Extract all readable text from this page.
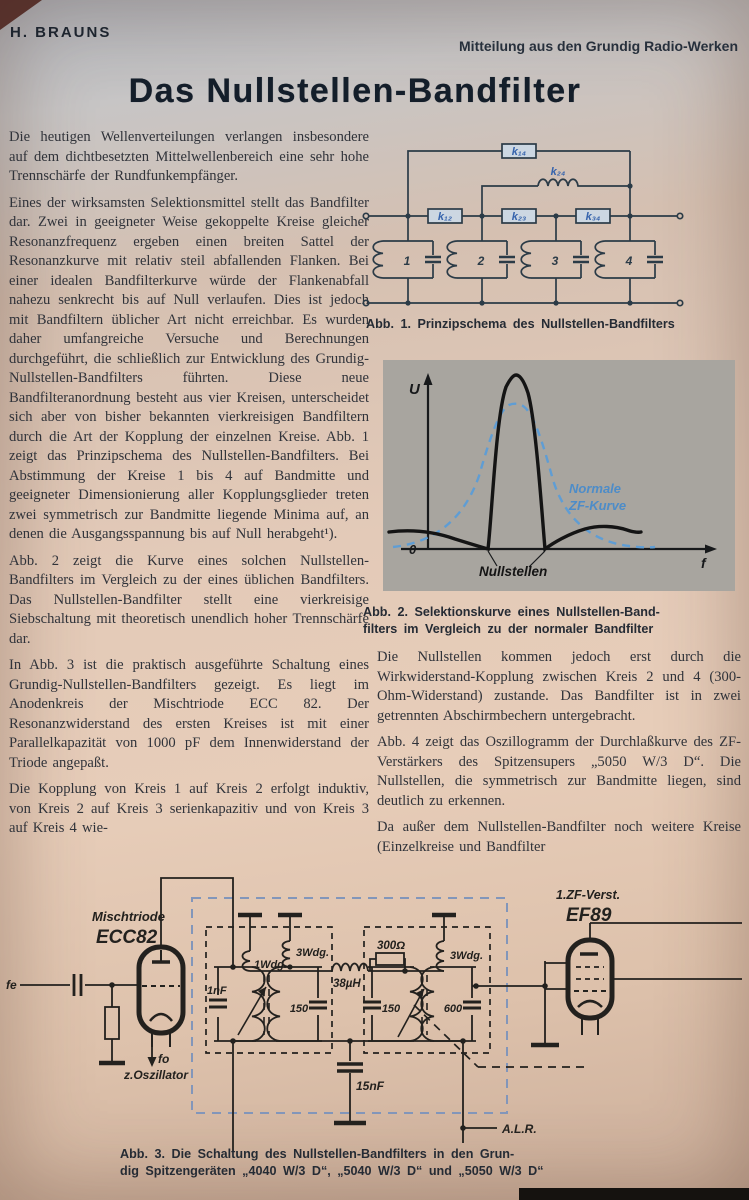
H. BRAUNS
Mitteilung aus den Grundig Radio-Werken
Das Nullstellen-Bandfilter

Die heutigen Wellenverteilungen verlangen insbesondere auf dem dichtbesetzten Mittelwellenbereich eine sehr hohe Trennschärfe der Rundfunkempfänger.

Eines der wirksamsten Selektionsmittel stellt das Bandfilter dar. Zwei in geeigneter Weise gekoppelte Kreise gleicher Resonanzfrequenz ergeben einen breiten Sattel der Resonanzkurve mit relativ steil abfallenden Flanken. Bei einer idealen Bandfilterkurve würde der Flankenabfall nahezu senkrecht bis auf Null verlaufen. Dies ist jedoch mit Bandfiltern üblicher Art nicht erreichbar. Es wurden daher umfangreiche Versuche und Berechnungen durchgeführt, die schließlich zur Entwicklung des Grundig-Nullstellen-Bandfilters führten. Diese neue Bandfilteranordnung besteht aus vier Kreisen, unterscheidet sich aber von bisher bekannten vierkreisigen Bandfiltern durch die Art der Kopplung der einzelnen Kreise. Abb. 1 zeigt das Prinzipschema des Nullstellen-Bandfilters. Bei Abstimmung der Kreise 1 bis 4 auf Bandmitte und geeigneter Dimensionierung aller Kopplungsglieder treten zwei symmetrisch zur Bandmitte liegende Minima auf, an denen die Ausgangsspannung bis auf Null herabgeht¹).

Abb. 2 zeigt die Kurve eines solchen Nullstellen-Bandfilters im Vergleich zu der eines üblichen Bandfilters. Das Nullstellen-Bandfilter stellt eine vierkreisige Siebschaltung mit theoretisch unendlich hoher Trennschärfe dar.

In Abb. 3 ist die praktisch ausgeführte Schaltung eines Grundig-Nullstellen-Bandfilters gezeigt. Es liegt im Anodenkreis der Mischtriode ECC 82. Der Resonanzwiderstand des ersten Kreises ist mit einer Parallelkapazität von 1000 pF dem Innenwiderstand der Triode angepaßt.

Die Kopplung von Kreis 1 auf Kreis 2 erfolgt induktiv, von Kreis 2 auf Kreis 3 serienkapazitiv und von Kreis 3 auf Kreis 4 wie-

k₁₂	k₂₃	k₃₄
k₁₄
k₂₄
1	2	3	4
Abb. 1. Prinzipschema des Nullstellen-Bandfilters
U
0
f
Normale
ZF-Kurve
Nullstellen
Abb. 2. Selektionskurve eines Nullstellen-Band-
filters im Vergleich zu der normaler Bandfilter

Die Nullstellen kommen jedoch erst durch die Wirkwiderstand-Kopplung zwischen Kreis 2 und 4 (300-Ohm-Widerstand) zustande. Das Bandfilter ist in zwei getrennten Abschirmbechern untergebracht.

Abb. 4 zeigt das Oszillogramm der Durchlaßkurve des ZF-Verstärkers des Spitzensupers „5050 W/3 D“. Die Nullstellen, die symmetrisch zur Bandmitte liegen, sind deutlich zu erkennen.

Da außer dem Nullstellen-Bandfilter noch weitere Kreise (Einzelkreise und Bandfilter

Mischtriode
ECC82
fe
fo
z.Oszillator
1nF
1Wdg.
3Wdg.
38µH
300Ω
150	150	600
15nF
3Wdg.
1.ZF-Verst.
EF89
A.L.R.
Abb. 3. Die Schaltung des Nullstellen-Bandfilters in den Grun-
dig Spitzengeräten „4040 W/3 D“, „5040 W/3 D“ und „5050 W/3 D“
